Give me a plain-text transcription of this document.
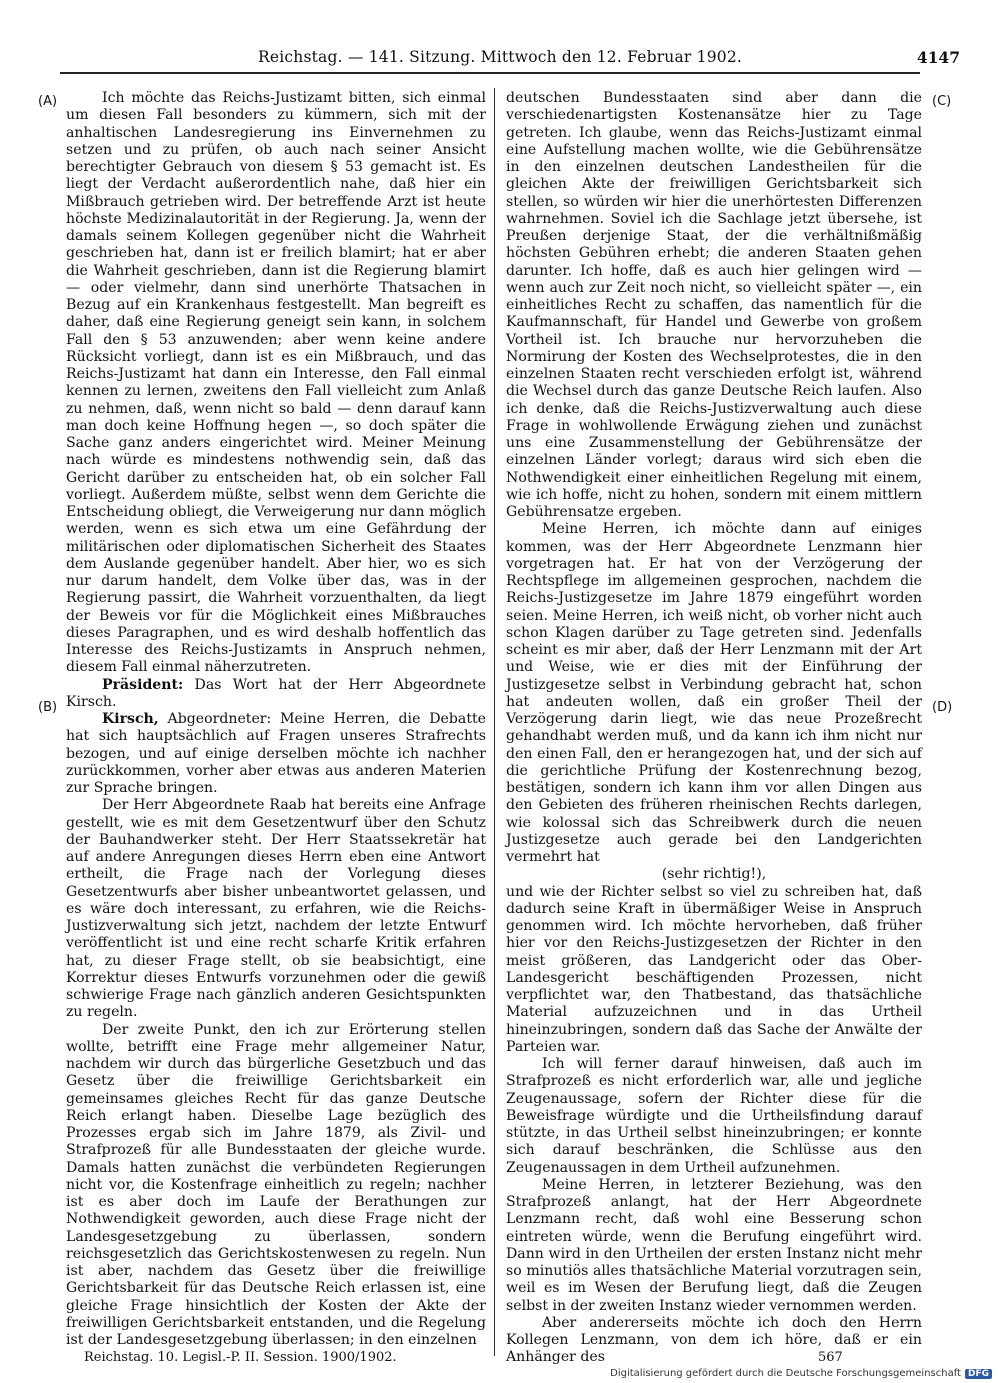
Reichstag. — 141. Sitzung. Mittwoch den 12. Februar 1902.	4147
(A)
(B)
(C)
(D)

Ich möchte das Reichs-Justizamt bitten, sich einmal um diesen Fall besonders zu kümmern, sich mit der anhaltischen Landesregierung ins Einvernehmen zu setzen und zu prüfen, ob auch nach seiner Ansicht berechtigter Gebrauch von diesem § 53 gemacht ist. Es liegt der Verdacht außerordentlich nahe, daß hier ein Mißbrauch getrieben wird. Der betreffende Arzt ist heute höchste Medizinalautorität in der Regierung. Ja, wenn der damals seinem Kollegen gegenüber nicht die Wahrheit geschrieben hat, dann ist er freilich blamirt; hat er aber die Wahrheit geschrieben, dann ist die Regierung blamirt — oder vielmehr, dann sind unerhörte Thatsachen in Bezug auf ein Krankenhaus festgestellt. Man begreift es daher, daß eine Regierung geneigt sein kann, in solchem Fall den § 53 anzuwenden; aber wenn keine andere Rücksicht vorliegt, dann ist es ein Mißbrauch, und das Reichs-Justizamt hat dann ein Interesse, den Fall einmal kennen zu lernen, zweitens den Fall vielleicht zum Anlaß zu nehmen, daß, wenn nicht so bald — denn darauf kann man doch keine Hoffnung hegen —, so doch später die Sache ganz anders eingerichtet wird. Meiner Meinung nach würde es mindestens nothwendig sein, daß das Gericht darüber zu entscheiden hat, ob ein solcher Fall vorliegt. Außerdem müßte, selbst wenn dem Gerichte die Entscheidung obliegt, die Verweigerung nur dann möglich werden, wenn es sich etwa um eine Gefährdung der militärischen oder diplomatischen Sicherheit des Staates dem Auslande gegenüber handelt. Aber hier, wo es sich nur darum handelt, dem Volke über das, was in der Regierung passirt, die Wahrheit vorzuenthalten, da liegt der Beweis vor für die Möglichkeit eines Mißbrauches dieses Paragraphen, und es wird deshalb hoffentlich das Interesse des Reichs-Justizamts in Anspruch nehmen, diesem Fall einmal näherzutreten.

Präsident: Das Wort hat der Herr Abgeordnete Kirsch.

Kirsch, Abgeordneter: Meine Herren, die Debatte hat sich hauptsächlich auf Fragen unseres Strafrechts bezogen, und auf einige derselben möchte ich nachher zurückkommen, vorher aber etwas aus anderen Materien zur Sprache bringen.

Der Herr Abgeordnete Raab hat bereits eine Anfrage gestellt, wie es mit dem Gesetzentwurf über den Schutz der Bauhandwerker steht. Der Herr Staatssekretär hat auf andere Anregungen dieses Herrn eben eine Antwort ertheilt, die Frage nach der Vorlegung dieses Gesetzentwurfs aber bisher unbeantwortet gelassen, und es wäre doch interessant, zu erfahren, wie die Reichs-Justizverwaltung sich jetzt, nachdem der letzte Entwurf veröffentlicht ist und eine recht scharfe Kritik erfahren hat, zu dieser Frage stellt, ob sie beabsichtigt, eine Korrektur dieses Entwurfs vorzunehmen oder die gewiß schwierige Frage nach gänzlich anderen Gesichtspunkten zu regeln.

Der zweite Punkt, den ich zur Erörterung stellen wollte, betrifft eine Frage mehr allgemeiner Natur, nachdem wir durch das bürgerliche Gesetzbuch und das Gesetz über die freiwillige Gerichtsbarkeit ein gemeinsames gleiches Recht für das ganze Deutsche Reich erlangt haben. Dieselbe Lage bezüglich des Prozesses ergab sich im Jahre 1879, als Zivil- und Strafprozeß für alle Bundesstaaten der gleiche wurde. Damals hatten zunächst die verbündeten Regierungen nicht vor, die Kostenfrage einheitlich zu regeln; nachher ist es aber doch im Laufe der Berathungen zur Nothwendigkeit geworden, auch diese Frage nicht der Landesgesetzgebung zu überlassen, sondern reichsgesetzlich das Gerichtskostenwesen zu regeln. Nun ist aber, nachdem das Gesetz über die freiwillige Gerichtsbarkeit für das Deutsche Reich erlassen ist, eine gleiche Frage hinsichtlich der Kosten der Akte der freiwilligen Gerichtsbarkeit entstanden, und die Regelung ist der Landesgesetzgebung überlassen; in den einzelnen

deutschen Bundesstaaten sind aber dann die verschiedenartigsten Kostenansätze hier zu Tage getreten. Ich glaube, wenn das Reichs-Justizamt einmal eine Aufstellung machen wollte, wie die Gebührensätze in den einzelnen deutschen Landestheilen für die gleichen Akte der freiwilligen Gerichtsbarkeit sich stellen, so würden wir hier die unerhörtesten Differenzen wahrnehmen. Soviel ich die Sachlage jetzt übersehe, ist Preußen derjenige Staat, der die verhältnißmäßig höchsten Gebühren erhebt; die anderen Staaten gehen darunter. Ich hoffe, daß es auch hier gelingen wird — wenn auch zur Zeit noch nicht, so vielleicht später —, ein einheitliches Recht zu schaffen, das namentlich für die Kaufmannschaft, für Handel und Gewerbe von großem Vortheil ist. Ich brauche nur hervorzuheben die Normirung der Kosten des Wechselprotestes, die in den einzelnen Staaten recht verschieden erfolgt ist, während die Wechsel durch das ganze Deutsche Reich laufen. Also ich denke, daß die Reichs-Justizverwaltung auch diese Frage in wohlwollende Erwägung ziehen und zunächst uns eine Zusammenstellung der Gebührensätze der einzelnen Länder vorlegt; daraus wird sich eben die Nothwendigkeit einer einheitlichen Regelung mit einem, wie ich hoffe, nicht zu hohen, sondern mit einem mittlern Gebührensatze ergeben.

Meine Herren, ich möchte dann auf einiges kommen, was der Herr Abgeordnete Lenzmann hier vorgetragen hat. Er hat von der Verzögerung der Rechtspflege im allgemeinen gesprochen, nachdem die Reichs-Justizgesetze im Jahre 1879 eingeführt worden seien. Meine Herren, ich weiß nicht, ob vorher nicht auch schon Klagen darüber zu Tage getreten sind. Jedenfalls scheint es mir aber, daß der Herr Lenzmann mit der Art und Weise, wie er dies mit der Einführung der Justizgesetze selbst in Verbindung gebracht hat, schon hat andeuten wollen, daß ein großer Theil der Verzögerung darin liegt, wie das neue Prozeßrecht gehandhabt werden muß, und da kann ich ihm nicht nur den einen Fall, den er herangezogen hat, und der sich auf die gerichtliche Prüfung der Kostenrechnung bezog, bestätigen, sondern ich kann ihm vor allen Dingen aus den Gebieten des früheren rheinischen Rechts darlegen, wie kolossal sich das Schreibwerk durch die neuen Justizgesetze auch gerade bei den Landgerichten vermehrt hat

(sehr richtig!),

und wie der Richter selbst so viel zu schreiben hat, daß dadurch seine Kraft in übermäßiger Weise in Anspruch genommen wird. Ich möchte hervorheben, daß früher hier vor den Reichs-Justizgesetzen der Richter in den meist größeren, das Landgericht oder das Ober-Landesgericht beschäftigenden Prozessen, nicht verpflichtet war, den Thatbestand, das thatsächliche Material aufzuzeichnen und in das Urtheil hineinzubringen, sondern daß das Sache der Anwälte der Parteien war.

Ich will ferner darauf hinweisen, daß auch im Strafprozeß es nicht erforderlich war, alle und jegliche Zeugenaussage, sofern der Richter diese für die Beweisfrage würdigte und die Urtheilsfindung darauf stützte, in das Urtheil selbst hineinzubringen; er konnte sich darauf beschränken, die Schlüsse aus den Zeugenaussagen in dem Urtheil aufzunehmen.

Meine Herren, in letzterer Beziehung, was den Strafprozeß anlangt, hat der Herr Abgeordnete Lenzmann recht, daß wohl eine Besserung schon eintreten würde, wenn die Berufung eingeführt wird. Dann wird in den Urtheilen der ersten Instanz nicht mehr so minutiös alles thatsächliche Material vorzutragen sein, weil es im Wesen der Berufung liegt, daß die Zeugen selbst in der zweiten Instanz wieder vernommen werden.

Aber andererseits möchte ich doch den Herrn Kollegen Lenzmann, von dem ich höre, daß er ein Anhänger des

Reichstag. 10. Legisl.-P. II. Session. 1900/1902.	567
Digitalisierung gefördert durch die Deutsche Forschungsgemeinschaft DFG
